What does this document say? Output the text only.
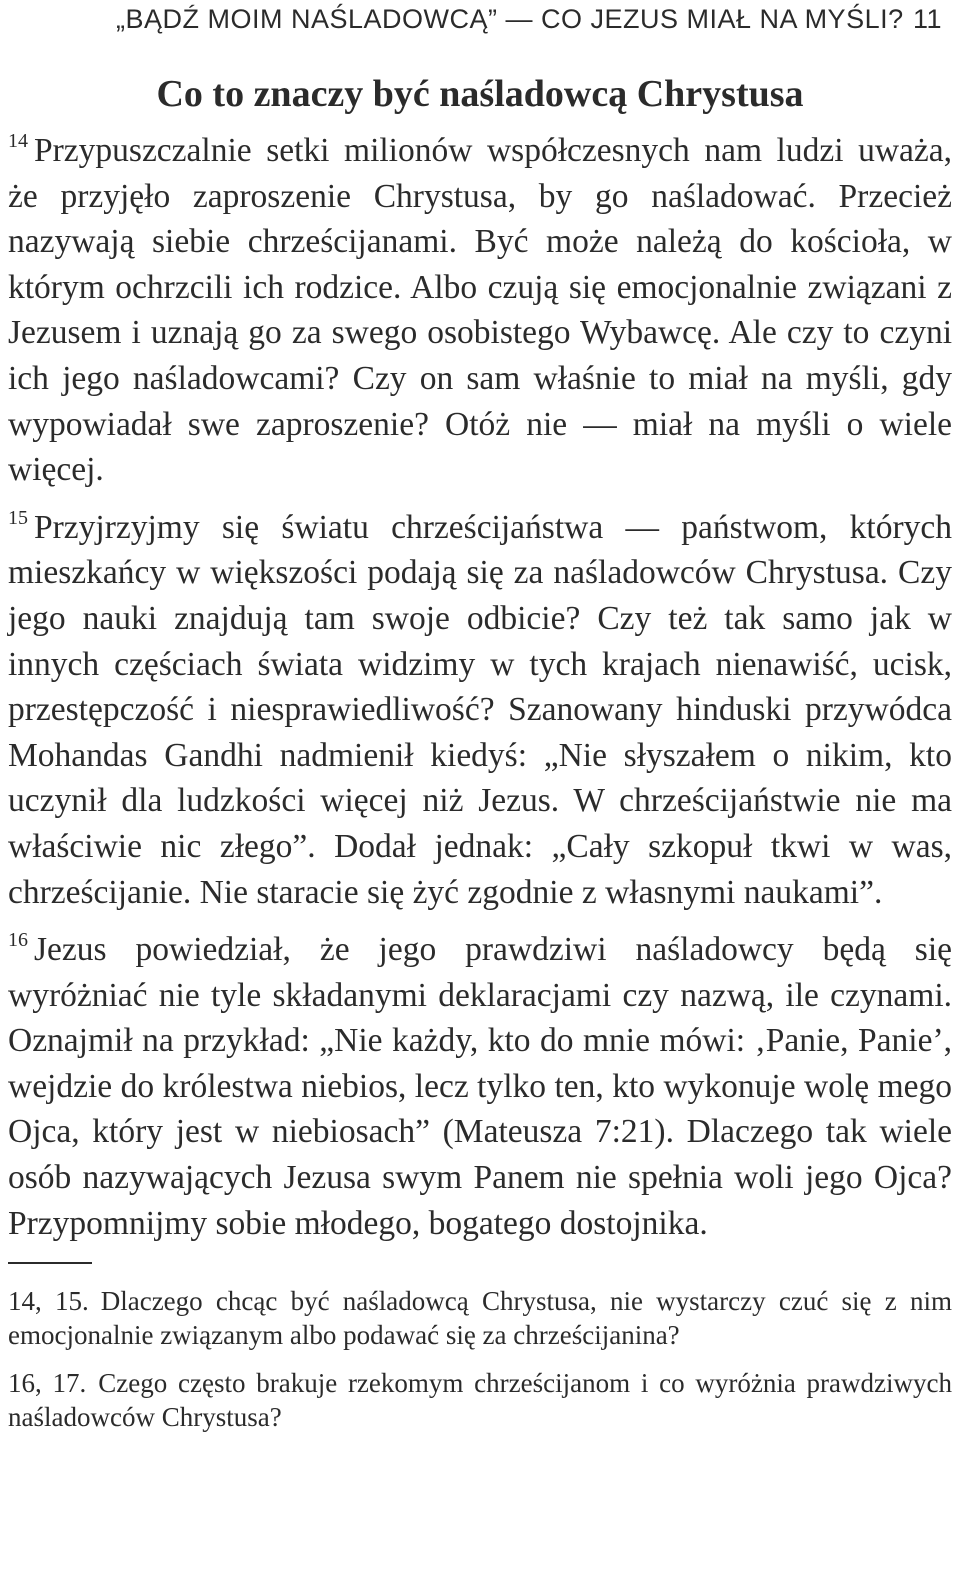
„BĄDŹ MOIM NAŚLADOWCĄ” — CO JEZUS MIAŁ NA MYŚLI? 11
Co to znaczy być naśladowcą Chrystusa

$^{14}$ Przypuszczalnie setki milionów współczesnych nam ludzi uważa, że przyjęło zaproszenie Chrystusa, by go naśladować. Przecież nazywają siebie chrześcijanami. Być może należą do kościoła, w którym ochrzcili ich rodzice. Albo czują się emocjonalnie związani z Jezusem i uznają go za swego osobistego Wybawcę. Ale czy to czyni ich jego naśladowcami? Czy on sam właśnie to miał na myśli, gdy wypowiadał swe zaproszenie? Otóż nie — miał na myśli o wiele więcej.

$^{15}$ Przyjrzyjmy się światu chrześcijaństwa — państwom, których mieszkańcy w większości podają się za naśladowców Chrystusa. Czy jego nauki znajdują tam swoje odbicie? Czy też tak samo jak w innych częściach świata widzimy w tych krajach nienawiść, ucisk, przestępczość i niesprawiedliwość? Szanowany hinduski przywódca Mohandas Gandhi nadmienił kiedyś: „Nie słyszałem o nikim, kto uczynił dla ludzkości więcej niż Jezus. W chrześcijaństwie nie ma właściwie nic złego”. Dodał jednak: „Cały szkopuł tkwi w was, chrześcijanie. Nie staracie się żyć zgodnie z własnymi naukami”.

$^{16}$ Jezus powiedział, że jego prawdziwi naśladowcy będą się wyróżniać nie tyle składanymi deklaracjami czy nazwą, ile czynami. Oznajmił na przykład: „Nie każdy, kto do mnie mówi: ‚Panie, Panie’, wejdzie do królestwa niebios, lecz tylko ten, kto wykonuje wolę mego Ojca, który jest w niebiosach” (Mateusza 7:21). Dlaczego tak wiele osób nazywających Jezusa swym Panem nie spełnia woli jego Ojca? Przypomnijmy sobie młodego, bogatego dostojnika.

14, 15. Dlaczego chcąc być naśladowcą Chrystusa, nie wystarczy czuć się z nim emocjonalnie związanym albo podawać się za chrześcijanina?

16, 17. Czego często brakuje rzekomym chrześcijanom i co wyróżnia prawdziwych naśladowców Chrystusa?
